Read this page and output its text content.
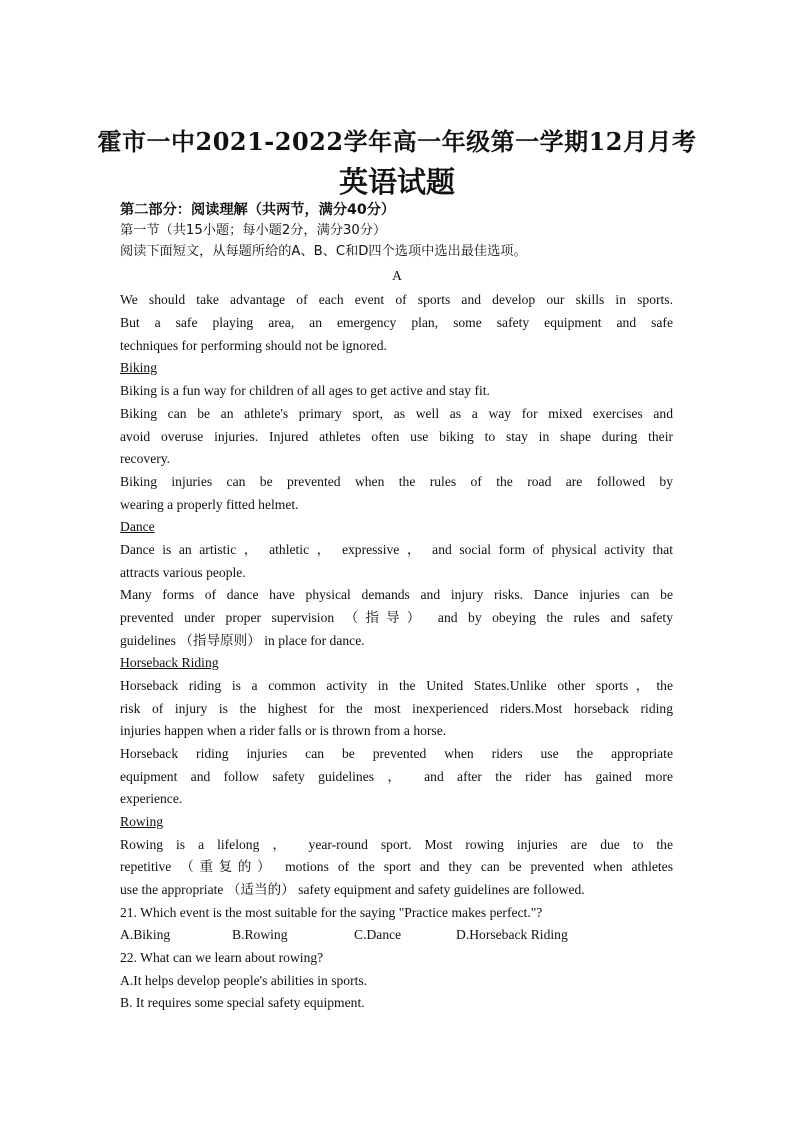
霍市一中2021-2022学年高一年级第一学期12月月考
英语试题
第二部分：阅读理解（共两节，满分40分）
第一节（共15小题；每小题2分，满分30分）
阅读下面短文，从每题所给的A、B、C和D四个选项中选出最佳选项。
A
We should take advantage of each event of sports and develop our skills in sports.
But a safe playing area, an emergency plan, some safety equipment and safe
techniques for performing should not be ignored.
Biking
Biking is a fun way for children of all ages to get active and stay fit.
Biking can be an athlete's primary sport, as well as a way for mixed exercises and
avoid overuse injuries. Injured athletes often use biking to stay in shape during their
recovery.
Biking injuries can be prevented when the rules of the road are followed by
wearing a properly fitted helmet.
Dance
Dance is an artistic ， athletic ， expressive ， and social form of physical activity that
attracts various people.
Many forms of dance have physical demands and injury risks. Dance injuries can be
prevented under proper supervision （指导） and by obeying the rules and safety
guidelines （指导原则） in place for dance.
Horseback Riding
Horseback riding is a common activity in the United States.Unlike other sports，the
risk of injury is the highest for the most inexperienced riders.Most horseback riding
injuries happen when a rider falls or is thrown from a horse.
Horseback riding injuries can be prevented when riders use the appropriate
equipment and follow safety guidelines ， and after the rider has gained more
experience.
Rowing
Rowing is a lifelong ， year-round sport. Most rowing injuries are due to the
repetitive （重复的） motions of the sport and they can be prevented when athletes
use the appropriate （适当的） safety equipment and safety guidelines are followed.
21. Which event is the most suitable for the saying "Practice makes perfect."?
A.Biking	B.Rowing	C.Dance	D.Horseback Riding
22. What can we learn about rowing?
A.It helps develop people's abilities in sports.
B. It requires some special safety equipment.
